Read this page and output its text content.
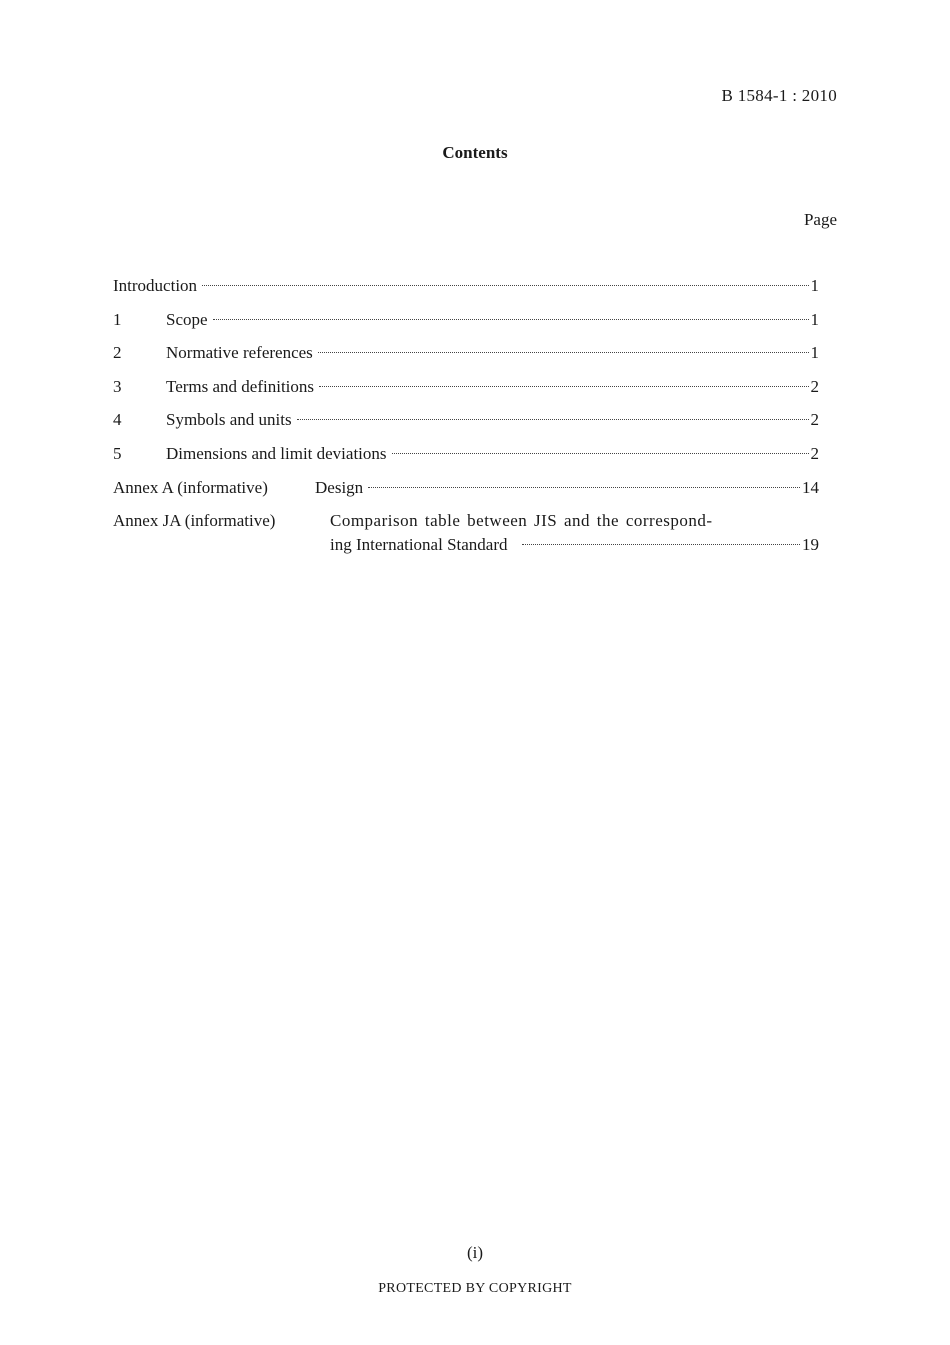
B 1584-1 : 2010
Contents
Page
Introduction	1
1	Scope	1
2	Normative references	1
3	Terms and definitions	2
4	Symbols and units	2
5	Dimensions and limit deviations	2
Annex A (informative)	Design	14
Annex JA (informative)	Comparison table between JIS and the correspond-
ing International Standard	19
(i)
PROTECTED BY COPYRIGHT
